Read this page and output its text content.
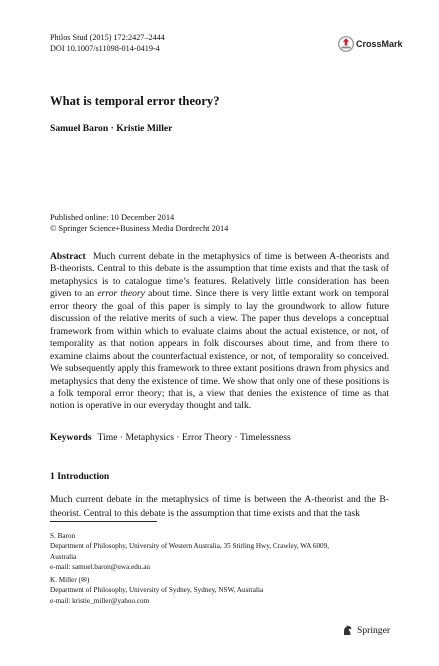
Philos Stud (2015) 172:2427–2444
DOI 10.1007/s11098-014-0419-4	CrossMark
What is temporal error theory?
Samuel Baron · Kristie Miller
Published online: 10 December 2014
© Springer Science+Business Media Dordrecht 2014
Abstract Much current debate in the metaphysics of time is between A-theorists and B-theorists. Central to this debate is the assumption that time exists and that the task of metaphysics is to catalogue time’s features. Relatively little consideration has been given to an error theory about time. Since there is very little extant work on temporal error theory the goal of this paper is simply to lay the groundwork to allow future discussion of the relative merits of such a view. The paper thus develops a conceptual framework from within which to evaluate claims about the actual existence, or not, of temporality as that notion appears in folk discourses about time, and from there to examine claims about the counterfactual existence, or not, of temporality so conceived. We subsequently apply this framework to three extant positions drawn from physics and metaphysics that deny the existence of time. We show that only one of these positions is a folk temporal error theory; that is, a view that denies the existence of time as that notion is operative in our everyday thought and talk.
Keywords Time · Metaphysics · Error Theory · Timelessness
1 Introduction
Much current debate in the metaphysics of time is between the A-theorist and the B-theorist. Central to this debate is the assumption that time exists and that the task
S. Baron
Department of Philosophy, University of Western Australia, 35 Stirling Hwy, Crawley, WA 6009,
Australia
e-mail: samuel.baron@uwa.edu.au
K. Miller (✉)
Department of Philosophy, University of Sydney, Sydney, NSW, Australia
e-mail: kristie_miller@yahoo.com
Springer
